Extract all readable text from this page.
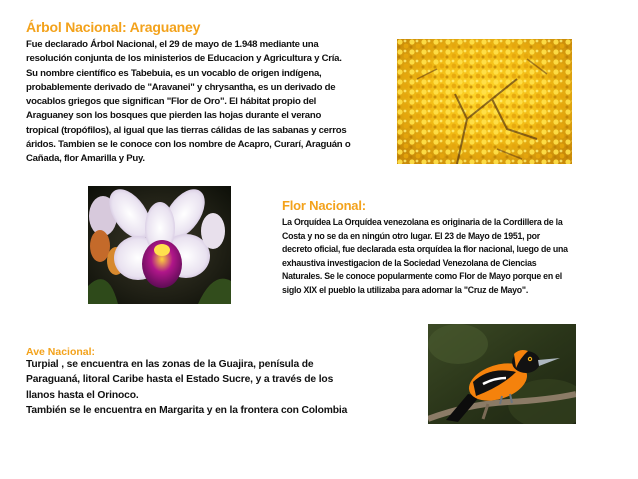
Árbol Nacional: Araguaney

Fue declarado Árbol Nacional, el 29 de mayo de 1.948 mediante una
resolución conjunta de los ministerios de Educacion y Agricultura y Cría.
Su nombre científico es Tabebuia, es un vocablo de origen indígena,
probablemente derivado de "Aravanei" y chrysantha, es un derivado de
vocablos griegos que significan "Flor de Oro". El hábitat propio del
Araguaney son los bosques que pierden las hojas durante el verano
tropical (tropófilos), al igual que las tierras cálidas de las sabanas y cerros
áridos. Tambien se le conoce con los nombre de Acapro, Curarí, Araguán o
Cañada, flor Amarilla y Puy.

Flor Nacional:

La Orquídea La Orquídea venezolana es originaria de la Cordillera de la
Costa y no se da en ningún otro lugar. El 23 de Mayo de 1951, por
decreto oficial, fue declarada esta orquídea la flor nacional, luego de una
exhaustiva investigacion de la Sociedad Venezolana de Ciencias
Naturales. Se le conoce popularmente como Flor de Mayo porque en el
siglo XIX el pueblo la utilizaba para adornar la "Cruz de Mayo".

Ave Nacional:

Turpial , se encuentra en las zonas de la Guajira, penísula de
Paraguaná, litoral Caribe hasta el Estado Sucre, y a través de los
llanos hasta el Orinoco.
También se le encuentra en Margarita y en la frontera con Colombia
